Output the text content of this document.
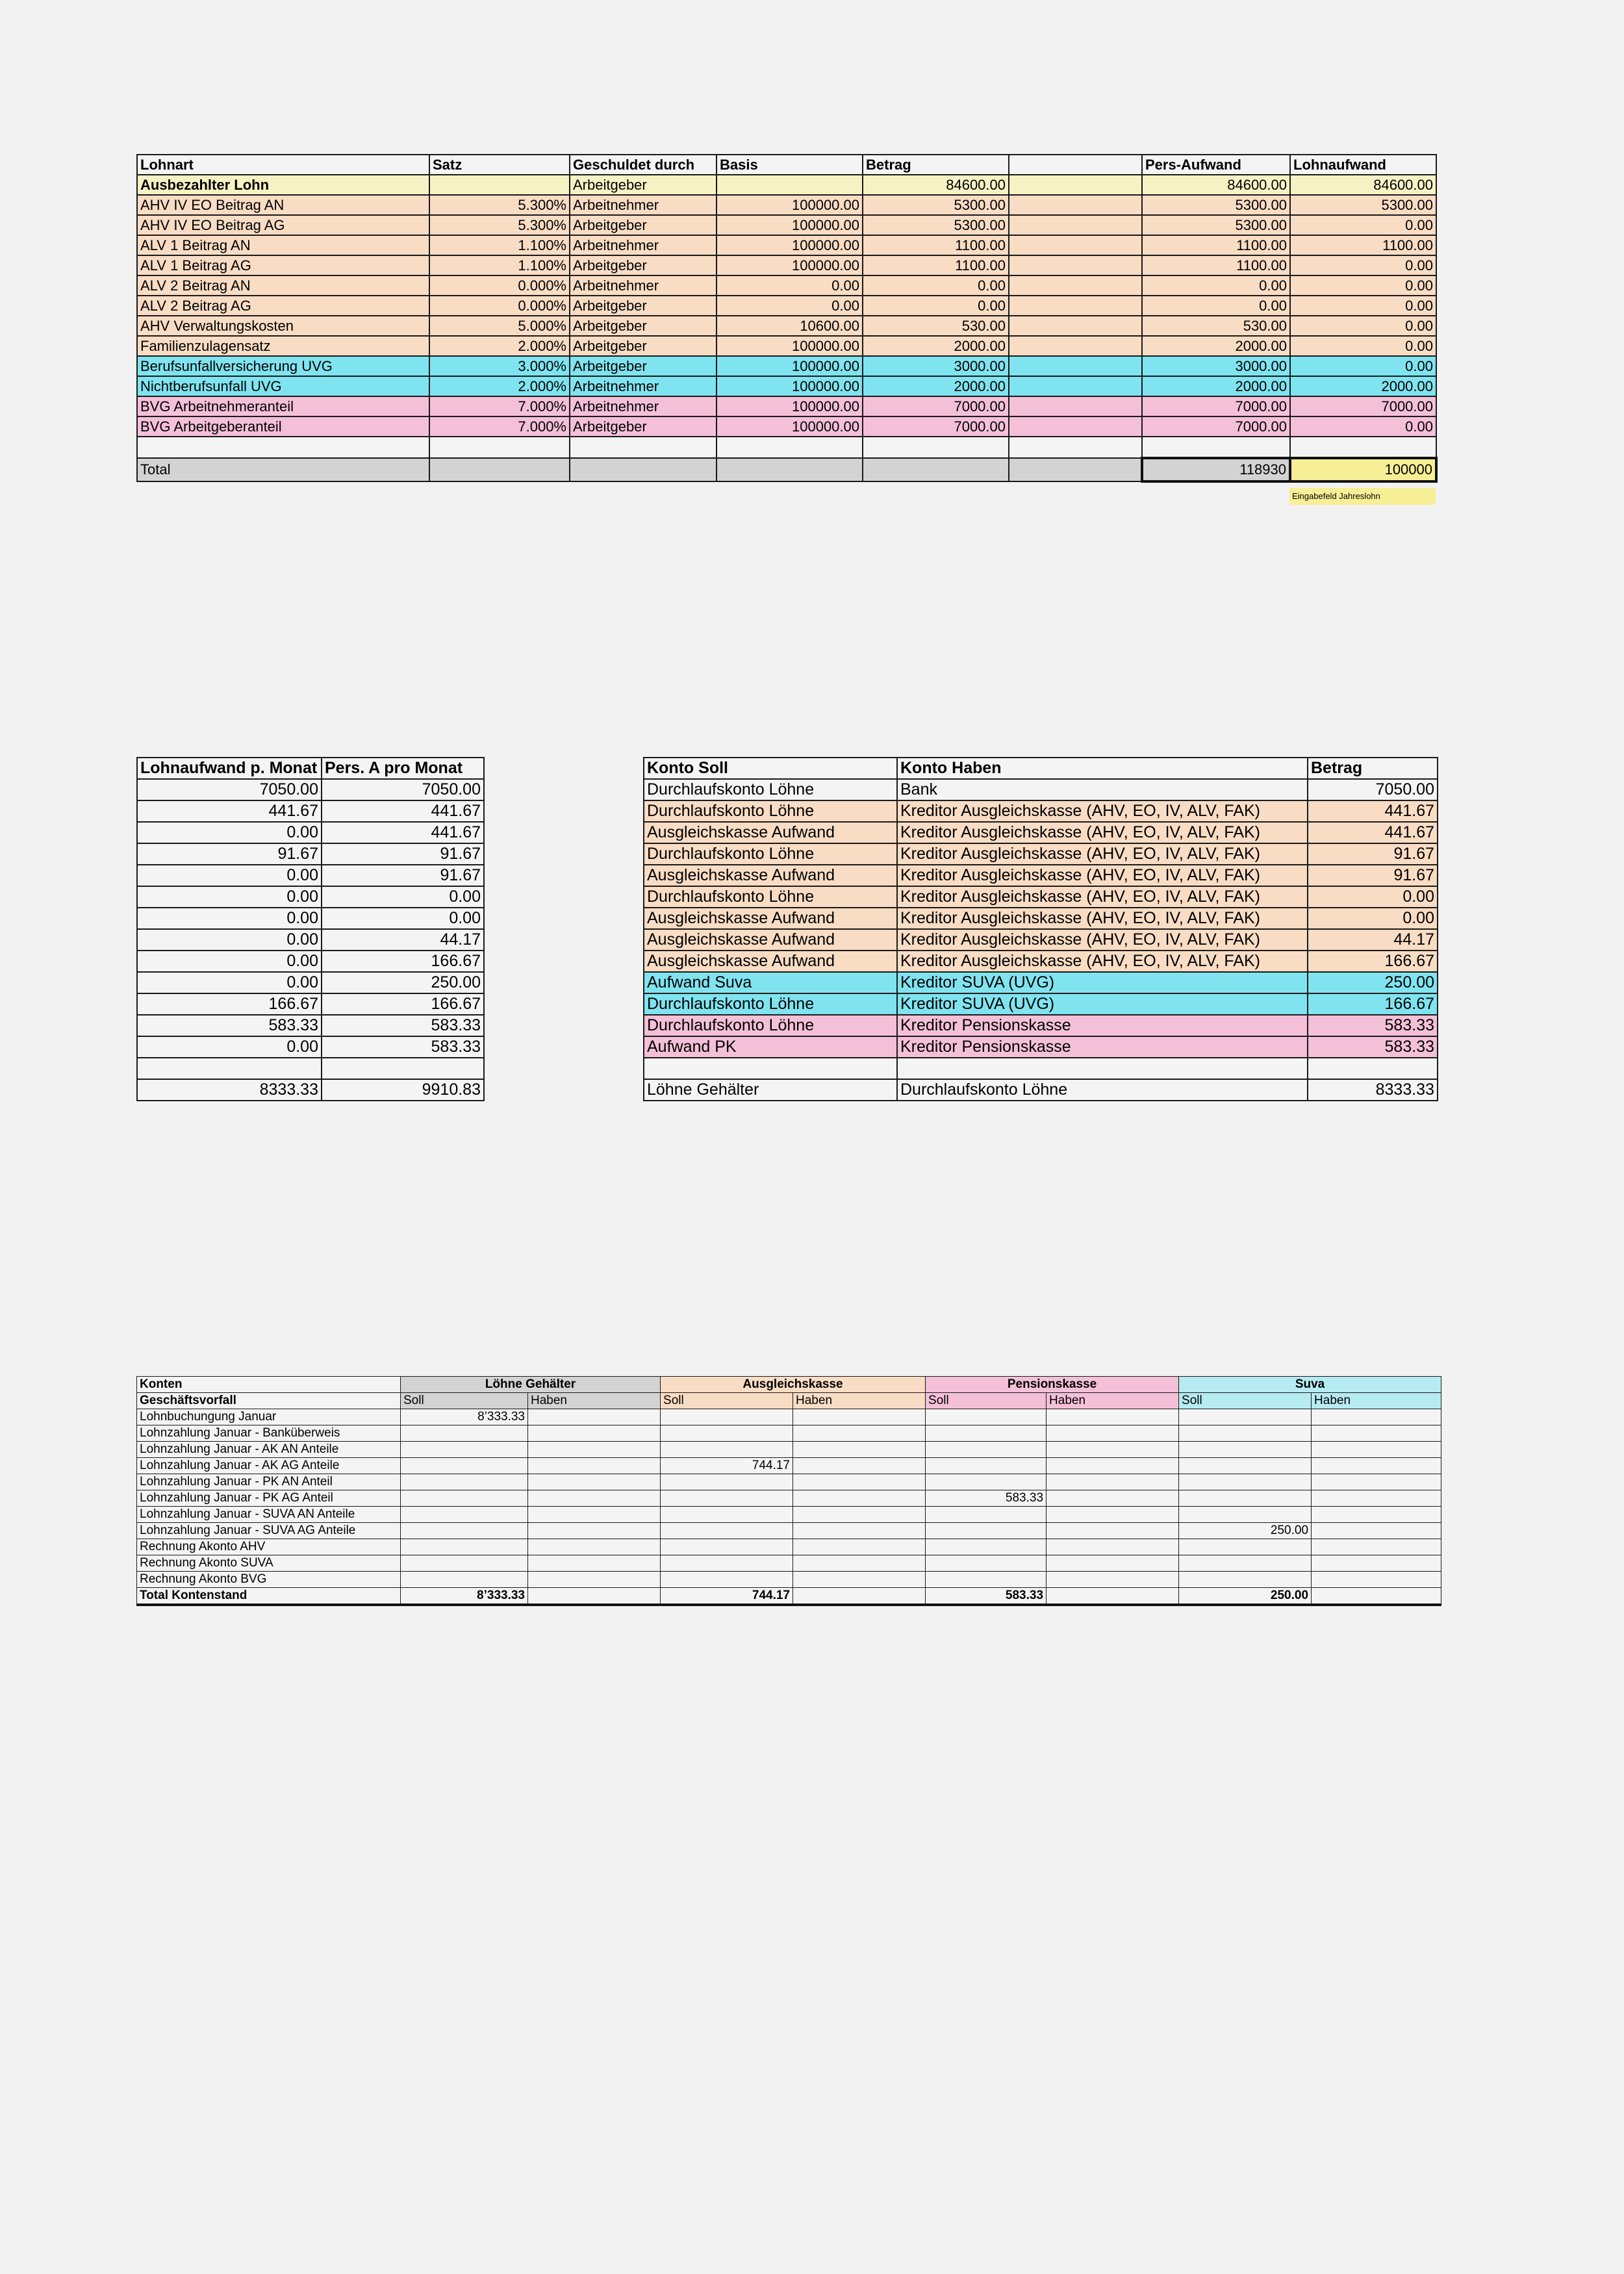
Lohnart	Satz	Geschuldet durch	Basis	Betrag		Pers-Aufwand	Lohnaufwand
Ausbezahlter Lohn		Arbeitgeber		84600.00		84600.00	84600.00
AHV IV EO Beitrag AN	5.300%	Arbeitnehmer	100000.00	5300.00		5300.00	5300.00
AHV IV EO Beitrag AG	5.300%	Arbeitgeber	100000.00	5300.00		5300.00	0.00
ALV 1 Beitrag AN	1.100%	Arbeitnehmer	100000.00	1100.00		1100.00	1100.00
ALV 1 Beitrag AG	1.100%	Arbeitgeber	100000.00	1100.00		1100.00	0.00
ALV 2 Beitrag AN	0.000%	Arbeitnehmer	0.00	0.00		0.00	0.00
ALV 2 Beitrag AG	0.000%	Arbeitgeber	0.00	0.00		0.00	0.00
AHV Verwaltungskosten	5.000%	Arbeitgeber	10600.00	530.00		530.00	0.00
Familienzulagensatz	2.000%	Arbeitgeber	100000.00	2000.00		2000.00	0.00
Berufsunfallversicherung UVG	3.000%	Arbeitgeber	100000.00	3000.00		3000.00	0.00
Nichtberufsunfall UVG	2.000%	Arbeitnehmer	100000.00	2000.00		2000.00	2000.00
BVG Arbeitnehmeranteil	7.000%	Arbeitnehmer	100000.00	7000.00		7000.00	7000.00
BVG Arbeitgeberanteil	7.000%	Arbeitgeber	100000.00	7000.00		7000.00	0.00

Total						118930	100000
Eingabefeld Jahreslohn
Lohnaufwand p. Monat	Pers. A pro Monat
7050.00	7050.00
441.67	441.67
0.00	441.67
91.67	91.67
0.00	91.67
0.00	0.00
0.00	0.00
0.00	44.17
0.00	166.67
0.00	250.00
166.67	166.67
583.33	583.33
0.00	583.33

8333.33	9910.83
Konto Soll	Konto Haben	Betrag
Durchlaufskonto Löhne	Bank	7050.00
Durchlaufskonto Löhne	Kreditor Ausgleichskasse (AHV, EO, IV, ALV, FAK)	441.67
Ausgleichskasse Aufwand	Kreditor Ausgleichskasse (AHV, EO, IV, ALV, FAK)	441.67
Durchlaufskonto Löhne	Kreditor Ausgleichskasse (AHV, EO, IV, ALV, FAK)	91.67
Ausgleichskasse Aufwand	Kreditor Ausgleichskasse (AHV, EO, IV, ALV, FAK)	91.67
Durchlaufskonto Löhne	Kreditor Ausgleichskasse (AHV, EO, IV, ALV, FAK)	0.00
Ausgleichskasse Aufwand	Kreditor Ausgleichskasse (AHV, EO, IV, ALV, FAK)	0.00
Ausgleichskasse Aufwand	Kreditor Ausgleichskasse (AHV, EO, IV, ALV, FAK)	44.17
Ausgleichskasse Aufwand	Kreditor Ausgleichskasse (AHV, EO, IV, ALV, FAK)	166.67
Aufwand Suva	Kreditor SUVA (UVG)	250.00
Durchlaufskonto Löhne	Kreditor SUVA (UVG)	166.67
Durchlaufskonto Löhne	Kreditor Pensionskasse	583.33
Aufwand PK	Kreditor Pensionskasse	583.33

Löhne Gehälter	Durchlaufskonto Löhne	8333.33
Konten	Löhne Gehälter		Ausgleichskasse		Pensionskasse		Suva	
Geschäftsvorfall	Soll	Haben	Soll	Haben	Soll	Haben	Soll	Haben
Lohnbuchungung Januar	8’333.33							
Lohnzahlung Januar - Banküberweis								
Lohnzahlung Januar - AK AN Anteile								
Lohnzahlung Januar - AK AG Anteile			744.17					
Lohnzahlung Januar - PK AN Anteil								
Lohnzahlung Januar - PK AG Anteil					583.33			
Lohnzahlung Januar - SUVA AN Anteile								
Lohnzahlung Januar - SUVA AG Anteile							250.00	
Rechnung Akonto AHV								
Rechnung Akonto SUVA								
Rechnung Akonto BVG								
Total Kontenstand	8’333.33		744.17		583.33		250.00	
